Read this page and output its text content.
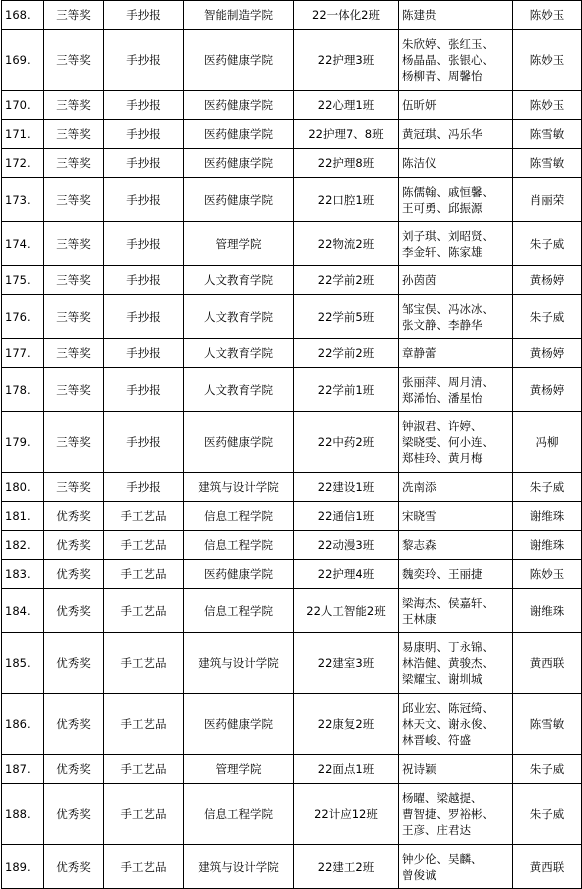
168.	三等奖	手抄报	智能制造学院	22一体化2班	陈建贵	陈妙玉
169.	三等奖	手抄报	医药健康学院	22护理3班	朱欣婷、张红玉、
杨晶晶、张银心、
杨柳青、周馨怡	陈妙玉
170.	三等奖	手抄报	医药健康学院	22心理1班	伍昕妍	陈妙玉
171.	三等奖	手抄报	医药健康学院	22护理7、8班	黄冠琪、冯乐华	陈雪敏
172.	三等奖	手抄报	医药健康学院	22护理8班	陈洁仪	陈雪敏
173.	三等奖	手抄报	医药健康学院	22口腔1班	陈儒翰、戚恒馨、
王可勇、邱振源	肖丽荣
174.	三等奖	手抄报	管理学院	22物流2班	刘子琪、刘昭贤、
李金轩、陈家雄	朱子威
175.	三等奖	手抄报	人文教育学院	22学前2班	孙茵茵	黄杨婷
176.	三等奖	手抄报	人文教育学院	22学前5班	邹宝俣、冯冰冰、
张文静、李静华	朱子威
177.	三等奖	手抄报	人文教育学院	22学前2班	章静蕾	黄杨婷
178.	三等奖	手抄报	人文教育学院	22学前1班	张丽萍、周月清、
郑浠怡、潘星怡	黄杨婷
179.	三等奖	手抄报	医药健康学院	22中药2班	钟淑君、许婷、
梁晓雯、何小连、
郑桂玲、黄月梅	冯柳
180.	三等奖	手抄报	建筑与设计学院	22建设1班	冼南添	朱子威
181.	优秀奖	手工艺品	信息工程学院	22通信1班	宋晓雪	谢维珠
182.	优秀奖	手工艺品	信息工程学院	22动漫3班	黎志森	谢维珠
183.	优秀奖	手工艺品	医药健康学院	22护理4班	魏奕玲、王丽捷	陈妙玉
184.	优秀奖	手工艺品	信息工程学院	22人工智能2班	梁海杰、侯嘉轩、
王林康	谢维珠
185.	优秀奖	手工艺品	建筑与设计学院	22建室3班	易康明、丁永锦、
林浩健、黄骏杰、
梁耀宝、谢圳城	黄西联
186.	优秀奖	手工艺品	医药健康学院	22康复2班	邱业宏、陈冠绮、
林天文、谢永俊、
林晋峻、符盛	陈雪敏
187.	优秀奖	手工艺品	管理学院	22面点1班	祝诗颖	朱子威
188.	优秀奖	手工艺品	信息工程学院	22计应12班	杨曜、梁越提、
曹智捷、罗裕彬、
王彦、庄君达	朱子威
189.	优秀奖	手工艺品	建筑与设计学院	22建工2班	钟少伦、吴麟、
曾俊诚	黄西联
